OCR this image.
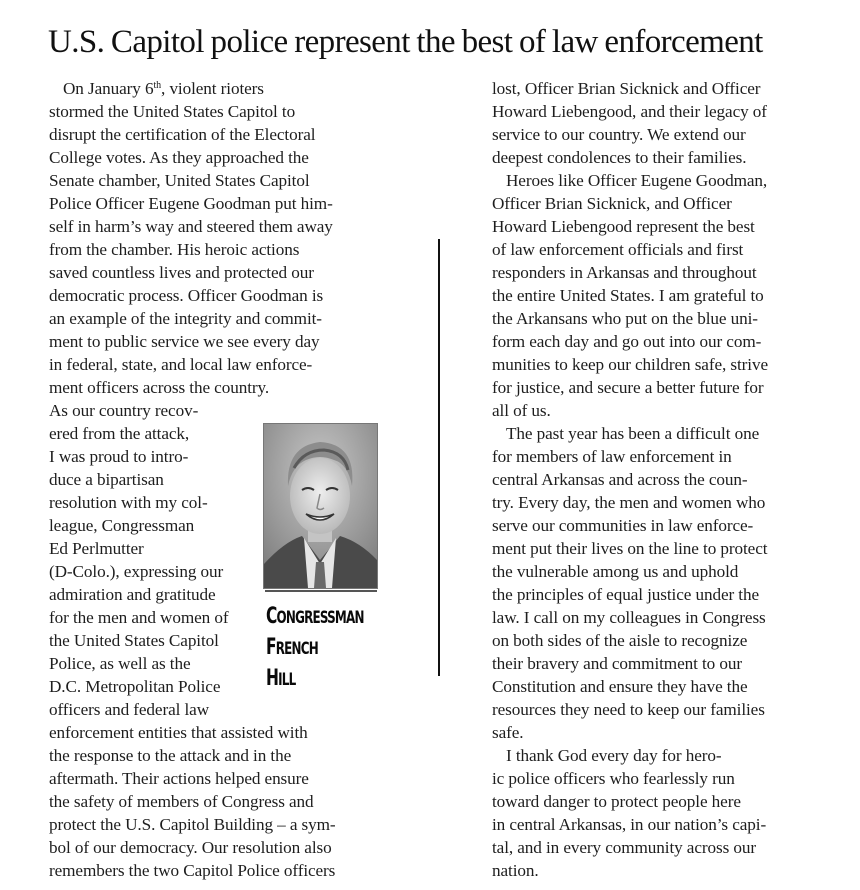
U.S. Capitol police represent the best of law enforcement
On January 6th, violent rioters
stormed the United States Capitol to
disrupt the certification of the Electoral
College votes. As they approached the
Senate chamber, United States Capitol
Police Officer Eugene Goodman put him-
self in harm’s way and steered them away
from the chamber. His heroic actions
saved countless lives and protected our
democratic process. Officer Goodman is
an example of the integrity and commit-
ment to public service we see every day
in federal, state, and local law enforce-
ment officers across the country.
As our country recov-
ered from the attack,
I was proud to intro-
duce a bipartisan
resolution with my col-
league, Congressman
Ed Perlmutter
(D-Colo.), expressing our
admiration and gratitude
for the men and women of
the United States Capitol
Police, as well as the
D.C. Metropolitan Police
officers and federal law
enforcement entities that assisted with
the response to the attack and in the
aftermath. Their actions helped ensure
the safety of members of Congress and
protect the U.S. Capitol Building – a sym-
bol of our democracy. Our resolution also
remembers the two Capitol Police officers
lost, Officer Brian Sicknick and Officer
Howard Liebengood, and their legacy of
service to our country. We extend our
deepest condolences to their families.
Heroes like Officer Eugene Goodman,
Officer Brian Sicknick, and Officer
Howard Liebengood represent the best
of law enforcement officials and first
responders in Arkansas and throughout
the entire United States. I am grateful to
the Arkansans who put on the blue uni-
form each day and go out into our com-
munities to keep our children safe, strive
for justice, and secure a better future for
all of us.
The past year has been a difficult one
for members of law enforcement in
central Arkansas and across the coun-
try. Every day, the men and women who
serve our communities in law enforce-
ment put their lives on the line to protect
the vulnerable among us and uphold
the principles of equal justice under the
law. I call on my colleagues in Congress
on both sides of the aisle to recognize
their bravery and commitment to our
Constitution and ensure they have the
resources they need to keep our families
safe.
I thank God every day for hero-
ic police officers who fearlessly run
toward danger to protect people here
in central Arkansas, in our nation’s capi-
tal, and in every community across our
nation.
CONGRESSMAN
FRENCH
HILL
